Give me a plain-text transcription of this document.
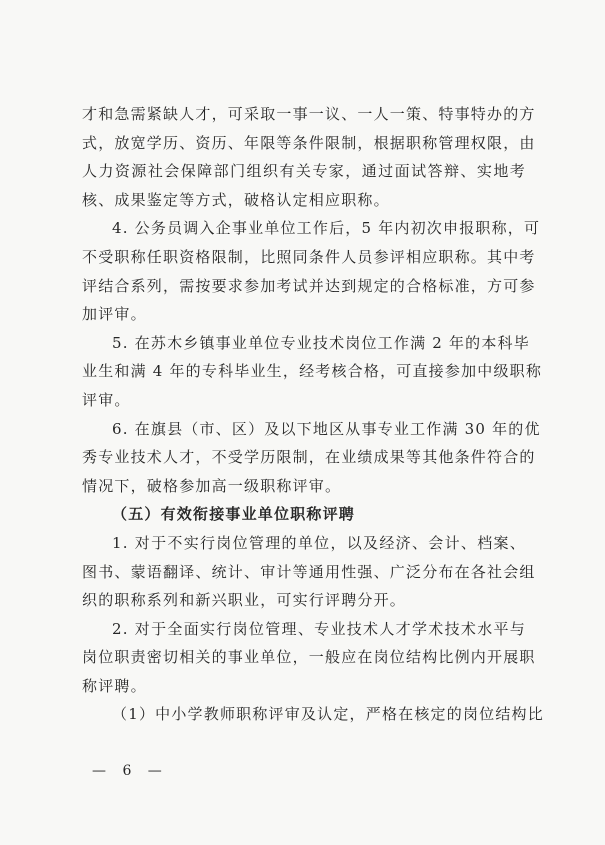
才和急需紧缺人才，可采取一事一议、一人一策、特事特办的方
式，放宽学历、资历、年限等条件限制，根据职称管理权限，由
人力资源社会保障部门组织有关专家，通过面试答辩、实地考
核、成果鉴定等方式，破格认定相应职称。
4. 公务员调入企事业单位工作后，5 年内初次申报职称，可
不受职称任职资格限制，比照同条件人员参评相应职称。其中考
评结合系列，需按要求参加考试并达到规定的合格标准，方可参
加评审。
5. 在苏木乡镇事业单位专业技术岗位工作满 2 年的本科毕
业生和满 4 年的专科毕业生，经考核合格，可直接参加中级职称
评审。
6. 在旗县（市、区）及以下地区从事专业工作满 30 年的优
秀专业技术人才，不受学历限制，在业绩成果等其他条件符合的
情况下，破格参加高一级职称评审。
（五）有效衔接事业单位职称评聘
1. 对于不实行岗位管理的单位，以及经济、会计、档案、
图书、蒙语翻译、统计、审计等通用性强、广泛分布在各社会组
织的职称系列和新兴职业，可实行评聘分开。
2. 对于全面实行岗位管理、专业技术人才学术技术水平与
岗位职责密切相关的事业单位，一般应在岗位结构比例内开展职
称评聘。
（1）中小学教师职称评审及认定，严格在核定的岗位结构比
— 6 —
